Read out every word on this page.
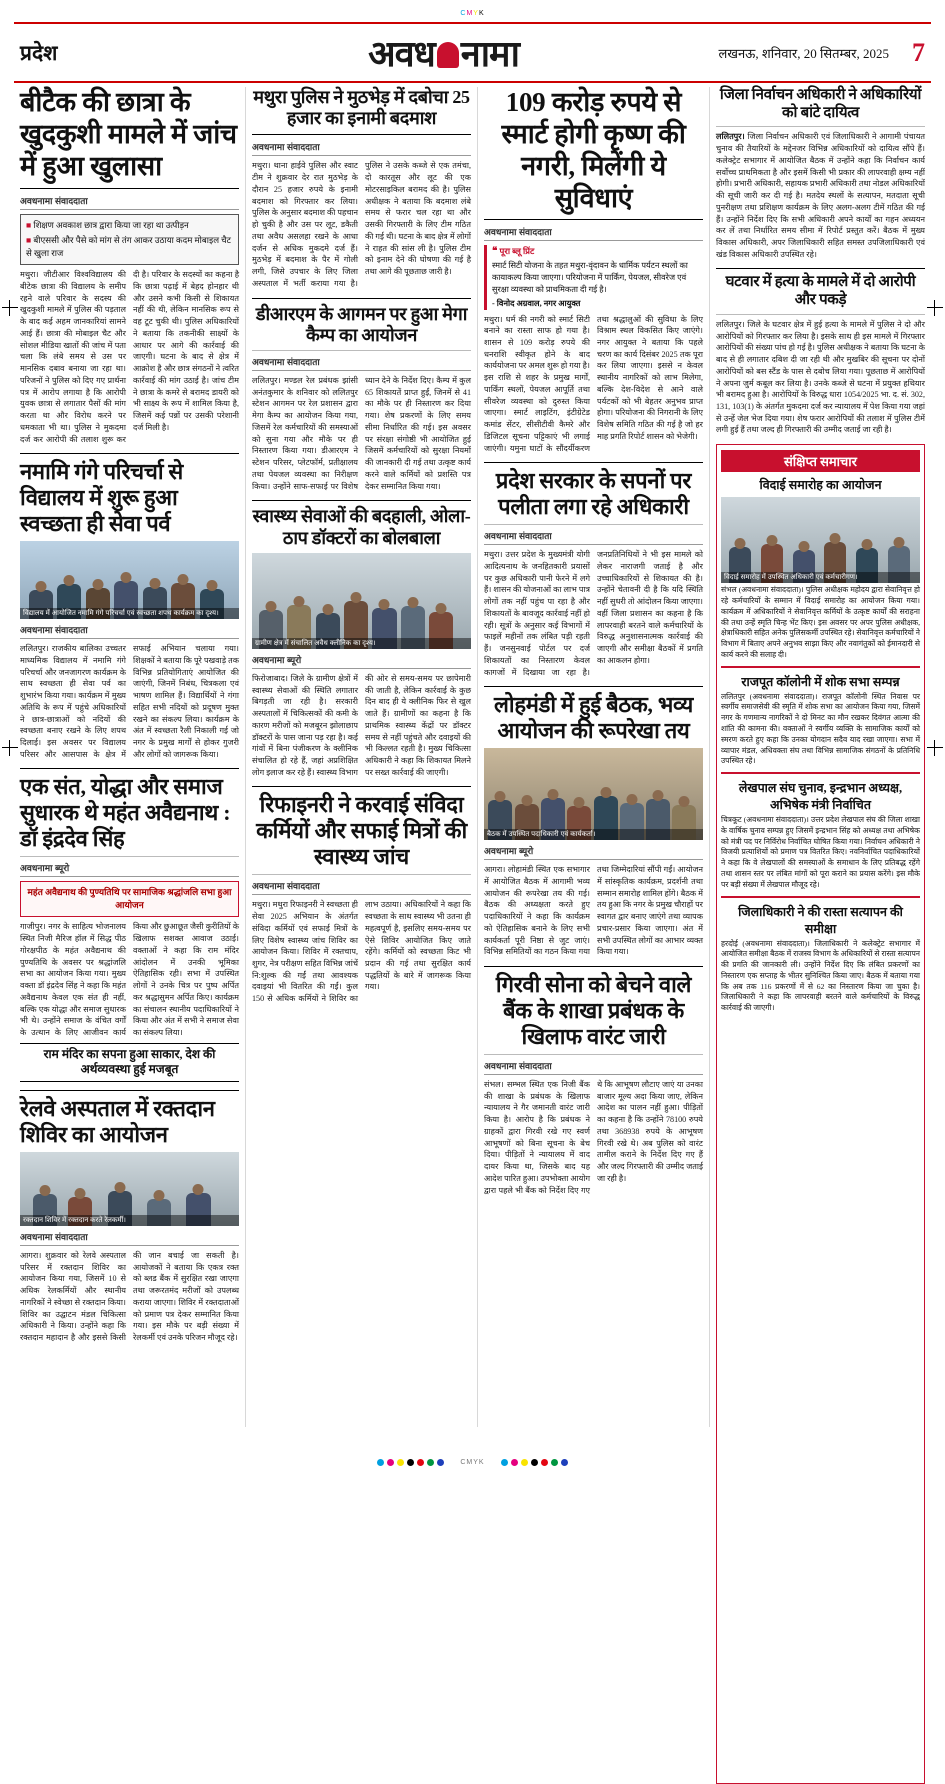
CMYK
प्रदेश	अवध नामा	लखनऊ, शनिवार, 20 सितम्बर, 2025 7
बीटैक की छात्रा के खुदकुशी मामले में जांच में हुआ खुलासा
अवधनामा संवाददाता
■ शिक्षण अवकाश छात्र द्वारा किया जा रहा था उत्पीड़न
■ बीएससी और पैसे को मांग से तंग आकर उठाया कदम मोबाइल चैट से खुला राज
मथुरा। जीटीआर विश्वविद्यालय की बीटेक छात्रा की विद्यालय के समीप रहने वाले परिवार के सदस्य की खुदकुशी मामले में पुलिस की पड़ताल के बाद कई अहम जानकारियां सामने आई हैं। छात्रा की मोबाइल चैट और सोशल मीडिया खातों की जांच में पता चला कि लंबे समय से उस पर मानसिक दबाव बनाया जा रहा था। परिजनों ने पुलिस को दिए गए प्रार्थना पत्र में आरोप लगाया है कि आरोपी युवक छात्रा से लगातार पैसों की मांग करता था और विरोध करने पर धमकाता भी था। पुलिस ने मुकदमा दर्ज कर आरोपी की तलाश शुरू कर दी है। परिवार के सदस्यों का कहना है कि छात्रा पढ़ाई में बेहद होनहार थी और उसने कभी किसी से शिकायत नहीं की थी, लेकिन मानसिक रूप से वह टूट चुकी थी। पुलिस अधिकारियों ने बताया कि तकनीकी साक्ष्यों के आधार पर आगे की कार्रवाई की जाएगी। घटना के बाद से क्षेत्र में आक्रोश है और छात्र संगठनों ने त्वरित कार्रवाई की मांग उठाई है। जांच टीम ने छात्रा के कमरे से बरामद डायरी को भी साक्ष्य के रूप में शामिल किया है, जिसमें कई पन्नों पर उसकी परेशानी दर्ज मिली है।
नमामि गंगे परिचर्चा से विद्यालय में शुरू हुआ स्वच्छता ही सेवा पर्व
विद्यालय में आयोजित नमामि गंगे परिचर्चा एवं स्वच्छता शपथ कार्यक्रम का दृश्य।
अवधनामा संवाददाता
ललितपुर। राजकीय बालिका उच्चतर माध्यमिक विद्यालय में नमामि गंगे परिचर्चा और जनजागरण कार्यक्रम के साथ स्वच्छता ही सेवा पर्व का शुभारंभ किया गया। कार्यक्रम में मुख्य अतिथि के रूप में पहुंचे अधिकारियों ने छात्र-छात्राओं को नदियों की स्वच्छता बनाए रखने के लिए शपथ दिलाई। इस अवसर पर विद्यालय परिसर और आसपास के क्षेत्र में सफाई अभियान चलाया गया। शिक्षकों ने बताया कि पूरे पखवाड़े तक विभिन्न प्रतियोगिताएं आयोजित की जाएंगी, जिनमें निबंध, चित्रकला एवं भाषण शामिल हैं। विद्यार्थियों ने गंगा सहित सभी नदियों को प्रदूषण मुक्त रखने का संकल्प लिया। कार्यक्रम के अंत में स्वच्छता रैली निकाली गई जो नगर के प्रमुख मार्गों से होकर गुजरी और लोगों को जागरूक किया।
एक संत, योद्धा और समाज सुधारक थे महंत अवैद्यनाथ : डॉ इंद्रदेव सिंह
अवधनामा ब्यूरो
महंत अवैद्यनाथ की पुण्यतिथि पर सामाजिक श्रद्धांजलि सभा हुआ आयोजन
गाजीपुर। नगर के साहित्य भोजनालय स्थित निजी मैरिज हॉल में सिद्ध पीठ गोरक्षपीठ के महंत अवैद्यनाथ की पुण्यतिथि के अवसर पर श्रद्धांजलि सभा का आयोजन किया गया। मुख्य वक्ता डॉ इंद्रदेव सिंह ने कहा कि महंत अवैद्यनाथ केवल एक संत ही नहीं, बल्कि एक योद्धा और समाज सुधारक भी थे। उन्होंने समाज के वंचित वर्गों के उत्थान के लिए आजीवन कार्य किया और छुआछूत जैसी कुरीतियों के खिलाफ सशक्त आवाज उठाई। वक्ताओं ने कहा कि राम मंदिर आंदोलन में उनकी भूमिका ऐतिहासिक रही। सभा में उपस्थित लोगों ने उनके चित्र पर पुष्प अर्पित कर श्रद्धासुमन अर्पित किए। कार्यक्रम का संचालन स्थानीय पदाधिकारियों ने किया और अंत में सभी ने समाज सेवा का संकल्प लिया।
राम मंदिर का सपना हुआ साकार, देश की अर्थव्यवस्था हुई मजबूत
रेलवे अस्पताल में रक्तदान शिविर का आयोजन
रक्तदान शिविर में रक्तदान करते रेलकर्मी।
अवधनामा संवाददाता
आगरा। शुक्रवार को रेलवे अस्पताल परिसर में रक्तदान शिविर का आयोजन किया गया, जिसमें 10 से अधिक रेलकर्मियों और स्थानीय नागरिकों ने स्वेच्छा से रक्तदान किया। शिविर का उद्घाटन मंडल चिकित्सा अधिकारी ने किया। उन्होंने कहा कि रक्तदान महादान है और इससे किसी की जान बचाई जा सकती है। आयोजकों ने बताया कि एकत्र रक्त को ब्लड बैंक में सुरक्षित रखा जाएगा तथा जरूरतमंद मरीजों को उपलब्ध कराया जाएगा। शिविर में रक्तदाताओं को प्रमाण पत्र देकर सम्मानित किया गया। इस मौके पर बड़ी संख्या में रेलकर्मी एवं उनके परिजन मौजूद रहे।
मथुरा पुलिस ने मुठभेड़ में दबोचा 25 हजार का इनामी बदमाश
अवधनामा संवाददाता
मथुरा। थाना हाईवे पुलिस और स्वाट टीम ने शुक्रवार देर रात मुठभेड़ के दौरान 25 हजार रुपये के इनामी बदमाश को गिरफ्तार कर लिया। पुलिस के अनुसार बदमाश की पहचान हो चुकी है और उस पर लूट, डकैती तथा अवैध असलहा रखने के आधा दर्जन से अधिक मुकदमे दर्ज हैं। मुठभेड़ में बदमाश के पैर में गोली लगी, जिसे उपचार के लिए जिला अस्पताल में भर्ती कराया गया है। पुलिस ने उसके कब्जे से एक तमंचा, दो कारतूस और लूट की एक मोटरसाइकिल बरामद की है। पुलिस अधीक्षक ने बताया कि बदमाश लंबे समय से फरार चल रहा था और उसकी गिरफ्तारी के लिए टीम गठित की गई थी। घटना के बाद क्षेत्र में लोगों ने राहत की सांस ली है। पुलिस टीम को इनाम देने की घोषणा की गई है तथा आगे की पूछताछ जारी है।
डीआरएम के आगमन पर हुआ मेगा कैम्प का आयोजन
अवधनामा संवाददाता
ललितपुर। मण्डल रेल प्रबंधक झांसी अनंतकुमार के शनिवार को ललितपुर स्टेशन आगमन पर रेल प्रशासन द्वारा मेगा कैम्प का आयोजन किया गया, जिसमें रेल कर्मचारियों की समस्याओं को सुना गया और मौके पर ही निस्तारण किया गया। डीआरएम ने स्टेशन परिसर, प्लेटफॉर्म, प्रतीक्षालय तथा पेयजल व्यवस्था का निरीक्षण किया। उन्होंने साफ-सफाई पर विशेष ध्यान देने के निर्देश दिए। कैम्प में कुल 65 शिकायतें प्राप्त हुईं, जिनमें से 41 का मौके पर ही निस्तारण कर दिया गया। शेष प्रकरणों के लिए समय सीमा निर्धारित की गई। इस अवसर पर संरक्षा संगोष्ठी भी आयोजित हुई जिसमें कर्मचारियों को सुरक्षा नियमों की जानकारी दी गई तथा उत्कृष्ट कार्य करने वाले कर्मियों को प्रशस्ति पत्र देकर सम्मानित किया गया।
स्वास्थ्य सेवाओं की बदहाली, ओला-ठाप डॉक्टरों का बोलबाला
ग्रामीण क्षेत्र में संचालित अवैध क्लीनिक का दृश्य।
अवधनामा ब्यूरो
फिरोजाबाद। जिले के ग्रामीण क्षेत्रों में स्वास्थ्य सेवाओं की स्थिति लगातार बिगड़ती जा रही है। सरकारी अस्पतालों में चिकित्सकों की कमी के कारण मरीजों को मजबूरन झोलाछाप डॉक्टरों के पास जाना पड़ रहा है। कई गांवों में बिना पंजीकरण के क्लीनिक संचालित हो रहे हैं, जहां अप्रशिक्षित लोग इलाज कर रहे हैं। स्वास्थ्य विभाग की ओर से समय-समय पर छापेमारी की जाती है, लेकिन कार्रवाई के कुछ दिन बाद ही ये क्लीनिक फिर से खुल जाते हैं। ग्रामीणों का कहना है कि प्राथमिक स्वास्थ्य केंद्रों पर डॉक्टर समय से नहीं पहुंचते और दवाइयों की भी किल्लत रहती है। मुख्य चिकित्सा अधिकारी ने कहा कि शिकायत मिलने पर सख्त कार्रवाई की जाएगी।
रिफाइनरी ने करवाई संविदा कर्मियों और सफाई मित्रों की स्वास्थ्य जांच
अवधनामा संवाददाता
मथुरा। मथुरा रिफाइनरी ने स्वच्छता ही सेवा 2025 अभियान के अंतर्गत संविदा कर्मियों एवं सफाई मित्रों के लिए विशेष स्वास्थ्य जांच शिविर का आयोजन किया। शिविर में रक्तचाप, शुगर, नेत्र परीक्षण सहित विभिन्न जांचें नि:शुल्क की गईं तथा आवश्यक दवाइयां भी वितरित की गईं। कुल 150 से अधिक कर्मियों ने शिविर का लाभ उठाया। अधिकारियों ने कहा कि स्वच्छता के साथ स्वास्थ्य भी उतना ही महत्वपूर्ण है, इसलिए समय-समय पर ऐसे शिविर आयोजित किए जाते रहेंगे। कर्मियों को स्वच्छता किट भी प्रदान की गई तथा सुरक्षित कार्य पद्धतियों के बारे में जागरूक किया गया।
109 करोड़ रुपये से स्मार्ट होगी कृष्ण की नगरी, मिलेंगी ये सुविधाएं
अवधनामा संवाददाता
❝ पूरा ब्लू प्रिंट
स्मार्ट सिटी योजना के तहत मथुरा-वृंदावन के धार्मिक पर्यटन स्थलों का कायाकल्प किया जाएगा। परियोजना में पार्किंग, पेयजल, सीवरेज एवं सुरक्षा व्यवस्था को प्राथमिकता दी गई है।
- विनोद अग्रवाल, नगर आयुक्त
मथुरा। धर्म की नगरी को स्मार्ट सिटी बनाने का रास्ता साफ हो गया है। शासन से 109 करोड़ रुपये की धनराशि स्वीकृत होने के बाद कार्ययोजना पर अमल शुरू हो गया है। इस राशि से शहर के प्रमुख मार्गों, पार्किंग स्थलों, पेयजल आपूर्ति तथा सीवरेज व्यवस्था को दुरुस्त किया जाएगा। स्मार्ट लाइटिंग, इंटीग्रेटेड कमांड सेंटर, सीसीटीवी कैमरे और डिजिटल सूचना पट्टिकाएं भी लगाई जाएंगी। यमुना घाटों के सौंदर्यीकरण तथा श्रद्धालुओं की सुविधा के लिए विश्राम स्थल विकसित किए जाएंगे। नगर आयुक्त ने बताया कि पहले चरण का कार्य दिसंबर 2025 तक पूरा कर लिया जाएगा। इससे न केवल स्थानीय नागरिकों को लाभ मिलेगा, बल्कि देश-विदेश से आने वाले पर्यटकों को भी बेहतर अनुभव प्राप्त होगा। परियोजना की निगरानी के लिए विशेष समिति गठित की गई है जो हर माह प्रगति रिपोर्ट शासन को भेजेगी।
प्रदेश सरकार के सपनों पर पलीता लगा रहे अधिकारी
अवधनामा संवाददाता
मथुरा। उत्तर प्रदेश के मुख्यमंत्री योगी आदित्यनाथ के जनहितकारी प्रयासों पर कुछ अधिकारी पानी फेरने में लगे हैं। शासन की योजनाओं का लाभ पात्र लोगों तक नहीं पहुंच पा रहा है और शिकायतों के बावजूद कार्रवाई नहीं हो रही। सूत्रों के अनुसार कई विभागों में फाइलें महीनों तक लंबित पड़ी रहती हैं। जनसुनवाई पोर्टल पर दर्ज शिकायतों का निस्तारण केवल कागजों में दिखाया जा रहा है। जनप्रतिनिधियों ने भी इस मामले को लेकर नाराजगी जताई है और उच्चाधिकारियों से शिकायत की है। उन्होंने चेतावनी दी है कि यदि स्थिति नहीं सुधरी तो आंदोलन किया जाएगा। वहीं जिला प्रशासन का कहना है कि लापरवाही बरतने वाले कर्मचारियों के विरुद्ध अनुशासनात्मक कार्रवाई की जाएगी और समीक्षा बैठकों में प्रगति का आकलन होगा।
लोहमंडी में हुई बैठक, भव्य आयोजन की रूपरेखा तय
बैठक में उपस्थित पदाधिकारी एवं कार्यकर्ता।
अवधनामा ब्यूरो
आगरा। लोहामंडी स्थित एक सभागार में आयोजित बैठक में आगामी भव्य आयोजन की रूपरेखा तय की गई। बैठक की अध्यक्षता करते हुए पदाधिकारियों ने कहा कि कार्यक्रम को ऐतिहासिक बनाने के लिए सभी कार्यकर्ता पूरी निष्ठा से जुट जाएं। विभिन्न समितियों का गठन किया गया तथा जिम्मेदारियां सौंपी गईं। आयोजन में सांस्कृतिक कार्यक्रम, प्रदर्शनी तथा सम्मान समारोह शामिल होंगे। बैठक में तय हुआ कि नगर के प्रमुख चौराहों पर स्वागत द्वार बनाए जाएंगे तथा व्यापक प्रचार-प्रसार किया जाएगा। अंत में सभी उपस्थित लोगों का आभार व्यक्त किया गया।
गिरवी सोना को बेचने वाले बैंक के शाखा प्रबंधक के खिलाफ वारंट जारी
अवधनामा संवाददाता
संभल। सम्भल स्थित एक निजी बैंक की शाखा के प्रबंधक के खिलाफ न्यायालय ने गैर जमानती वारंट जारी किया है। आरोप है कि प्रबंधक ने ग्राहकों द्वारा गिरवी रखे गए स्वर्ण आभूषणों को बिना सूचना के बेच दिया। पीड़ितों ने न्यायालय में वाद दायर किया था, जिसके बाद यह आदेश पारित हुआ। उपभोक्ता आयोग द्वारा पहले भी बैंक को निर्देश दिए गए थे कि आभूषण लौटाए जाएं या उनका बाजार मूल्य अदा किया जाए, लेकिन आदेश का पालन नहीं हुआ। पीड़ितों का कहना है कि उन्होंने 78100 रुपये तथा 368938 रुपये के आभूषण गिरवी रखे थे। अब पुलिस को वारंट तामील कराने के निर्देश दिए गए हैं और जल्द गिरफ्तारी की उम्मीद जताई जा रही है।
जिला निर्वाचन अधिकारी ने अधिकारियों को बांटे दायित्व
ललितपुर। जिला निर्वाचन अधिकारी एवं जिलाधिकारी ने आगामी पंचायत चुनाव की तैयारियों के मद्देनजर विभिन्न अधिकारियों को दायित्व सौंपे हैं। कलेक्ट्रेट सभागार में आयोजित बैठक में उन्होंने कहा कि निर्वाचन कार्य सर्वोच्च प्राथमिकता है और इसमें किसी भी प्रकार की लापरवाही क्षम्य नहीं होगी। प्रभारी अधिकारी, सहायक प्रभारी अधिकारी तथा नोडल अधिकारियों की सूची जारी कर दी गई है। मतदेय स्थलों के सत्यापन, मतदाता सूची पुनरीक्षण तथा प्रशिक्षण कार्यक्रम के लिए अलग-अलग टीमें गठित की गई हैं। उन्होंने निर्देश दिए कि सभी अधिकारी अपने कार्यों का गहन अध्ययन कर लें तथा निर्धारित समय सीमा में रिपोर्ट प्रस्तुत करें। बैठक में मुख्य विकास अधिकारी, अपर जिलाधिकारी सहित समस्त उपजिलाधिकारी एवं खंड विकास अधिकारी उपस्थित रहे।
घटवार में हत्या के मामले में दो आरोपी और पकड़े
ललितपुर। जिले के घटवार क्षेत्र में हुई हत्या के मामले में पुलिस ने दो और आरोपियों को गिरफ्तार कर लिया है। इसके साथ ही इस मामले में गिरफ्तार आरोपियों की संख्या पांच हो गई है। पुलिस अधीक्षक ने बताया कि घटना के बाद से ही लगातार दबिश दी जा रही थी और मुखबिर की सूचना पर दोनों आरोपियों को बस स्टैंड के पास से दबोच लिया गया। पूछताछ में आरोपियों ने अपना जुर्म कबूल कर लिया है। उनके कब्जे से घटना में प्रयुक्त हथियार भी बरामद हुआ है। आरोपियों के विरुद्ध धारा 1054/2025 भा. द. सं. 302, 131, 103(1) के अंतर्गत मुकदमा दर्ज कर न्यायालय में पेश किया गया जहां से उन्हें जेल भेज दिया गया। शेष फरार आरोपियों की तलाश में पुलिस टीमें लगी हुई हैं तथा जल्द ही गिरफ्तारी की उम्मीद जताई जा रही है।
संक्षिप्त समाचार
विदाई समारोह का आयोजन
विदाई समारोह में उपस्थित अधिकारी एवं कर्मचारीगण।
संभल (अवधनामा संवाददाता)। पुलिस अधीक्षक महोदय द्वारा सेवानिवृत्त हो रहे कर्मचारियों के सम्मान में विदाई समारोह का आयोजन किया गया। कार्यक्रम में अधिकारियों ने सेवानिवृत्त कर्मियों के उत्कृष्ट कार्यों की सराहना की तथा उन्हें स्मृति चिन्ह भेंट किए। इस अवसर पर अपर पुलिस अधीक्षक, क्षेत्राधिकारी सहित अनेक पुलिसकर्मी उपस्थित रहे। सेवानिवृत्त कर्मचारियों ने विभाग में बिताए अपने अनुभव साझा किए और नवागंतुकों को ईमानदारी से कार्य करने की सलाह दी।
राजपूत कॉलोनी में शोक सभा सम्पन्न
ललितपुर (अवधनामा संवाददाता)। राजपूत कॉलोनी स्थित निवास पर स्वर्गीय समाजसेवी की स्मृति में शोक सभा का आयोजन किया गया, जिसमें नगर के गणमान्य नागरिकों ने दो मिनट का मौन रखकर दिवंगत आत्मा की शांति की कामना की। वक्ताओं ने स्वर्गीय व्यक्ति के सामाजिक कार्यों को स्मरण करते हुए कहा कि उनका योगदान सदैव याद रखा जाएगा। सभा में व्यापार मंडल, अधिवक्ता संघ तथा विभिन्न सामाजिक संगठनों के प्रतिनिधि उपस्थित रहे।
लेखपाल संघ चुनाव, इन्द्रभान अध्यक्ष, अभिषेक मंत्री निर्वाचित
चित्रकूट (अवधनामा संवाददाता)। उत्तर प्रदेश लेखपाल संघ की जिला शाखा के वार्षिक चुनाव सम्पन्न हुए जिसमें इन्द्रभान सिंह को अध्यक्ष तथा अभिषेक को मंत्री पद पर निर्विरोध निर्वाचित घोषित किया गया। निर्वाचन अधिकारी ने विजयी प्रत्याशियों को प्रमाण पत्र वितरित किए। नवनिर्वाचित पदाधिकारियों ने कहा कि वे लेखपालों की समस्याओं के समाधान के लिए प्रतिबद्ध रहेंगे तथा शासन स्तर पर लंबित मांगों को पूरा कराने का प्रयास करेंगे। इस मौके पर बड़ी संख्या में लेखपाल मौजूद रहे।
जिलाधिकारी ने की रास्ता सत्यापन की समीक्षा
हरदोई (अवधनामा संवाददाता)। जिलाधिकारी ने कलेक्ट्रेट सभागार में आयोजित समीक्षा बैठक में राजस्व विभाग के अधिकारियों से रास्ता सत्यापन की प्रगति की जानकारी ली। उन्होंने निर्देश दिए कि लंबित प्रकरणों का निस्तारण एक सप्ताह के भीतर सुनिश्चित किया जाए। बैठक में बताया गया कि अब तक 116 प्रकरणों में से 62 का निस्तारण किया जा चुका है। जिलाधिकारी ने कहा कि लापरवाही बरतने वाले कर्मचारियों के विरुद्ध कार्रवाई की जाएगी।
CMYK
